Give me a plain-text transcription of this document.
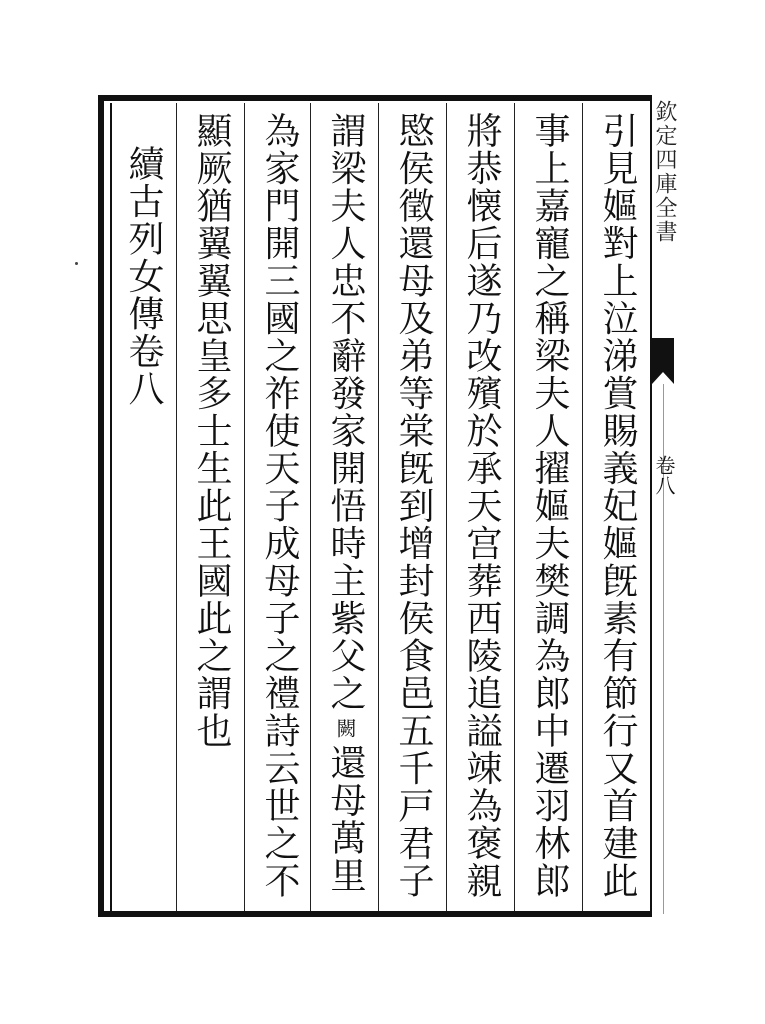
引見嫗對上泣涕賞賜義妃嫗旣素有節行又首建此
事上嘉寵之稱梁夫人擢嫗夫樊調為郎中遷羽林郎
將恭懐后遂乃改殯於承天宫葬西陵追謚竦為褒親
愍侯徵還母及弟等棠旣到增封侯食邑五千戸君子
謂梁夫人忠不辭發家開悟時主紫父之闕還母萬里
為家門開三國之祚使天子成母子之禮詩云世之不
顯厥猶翼翼思皇多士生此王國此之謂也
續古列女傳卷八	欽定四庫全書
卷八
